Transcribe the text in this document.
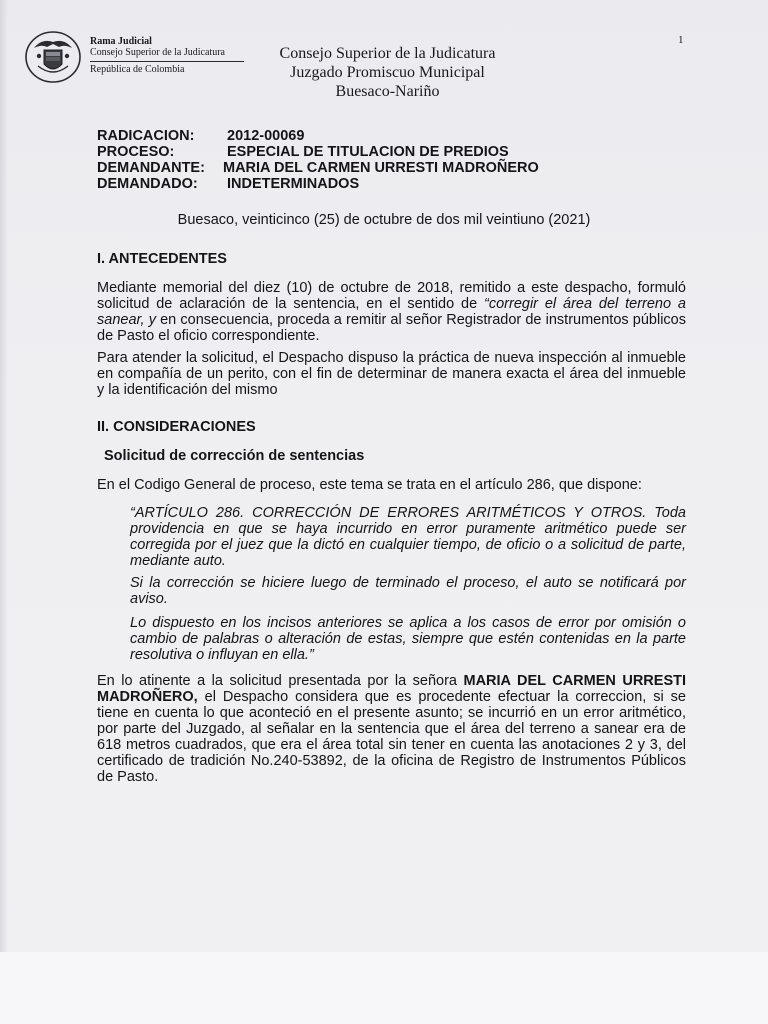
Rama Judicial
Consejo Superior de la Judicatura
República de Colombia
Consejo Superior de la Judicatura
Juzgado Promiscuo Municipal
Buesaco-Nariño
1
RADICACION:	2012-00069
PROCESO:	ESPECIAL DE TITULACION DE PREDIOS
DEMANDANTE:	MARIA DEL CARMEN URRESTI MADROÑERO
DEMANDADO:	INDETERMINADOS
Buesaco, veinticinco (25) de octubre de dos mil veintiuno (2021)
I. ANTECEDENTES
Mediante memorial del diez (10) de octubre de 2018, remitido a este despacho, formuló solicitud de aclaración de la sentencia, en el sentido de “corregir el área del terreno a sanear, y en consecuencia, proceda a remitir al señor Registrador de instrumentos públicos de Pasto el oficio correspondiente.
Para atender la solicitud, el Despacho dispuso la práctica de nueva inspección al inmueble en compañía de un perito, con el fin de determinar de manera exacta el área del inmueble y la identificación del mismo
II. CONSIDERACIONES
Solicitud de corrección de sentencias
En el Codigo General de proceso, este tema se trata en el artículo 286, que dispone:
“ARTÍCULO 286. CORRECCIÓN DE ERRORES ARITMÉTICOS Y OTROS. Toda providencia en que se haya incurrido en error puramente aritmético puede ser corregida por el juez que la dictó en cualquier tiempo, de oficio o a solicitud de parte, mediante auto.
Si la corrección se hiciere luego de terminado el proceso, el auto se notificará por aviso.
Lo dispuesto en los incisos anteriores se aplica a los casos de error por omisión o cambio de palabras o alteración de estas, siempre que estén contenidas en la parte resolutiva o influyan en ella.”
En lo atinente a la solicitud presentada por la señora MARIA DEL CARMEN URRESTI MADROÑERO, el Despacho considera que es procedente efectuar la correccion, si se tiene en cuenta lo que aconteció en el presente asunto; se incurrió en un error aritmético, por parte del Juzgado, al señalar en la sentencia que el área del terreno a sanear era de 618 metros cuadrados, que era el área total sin tener en cuenta las anotaciones 2 y 3, del certificado de tradición No.240-53892, de la oficina de Registro de Instrumentos Públicos de Pasto.
